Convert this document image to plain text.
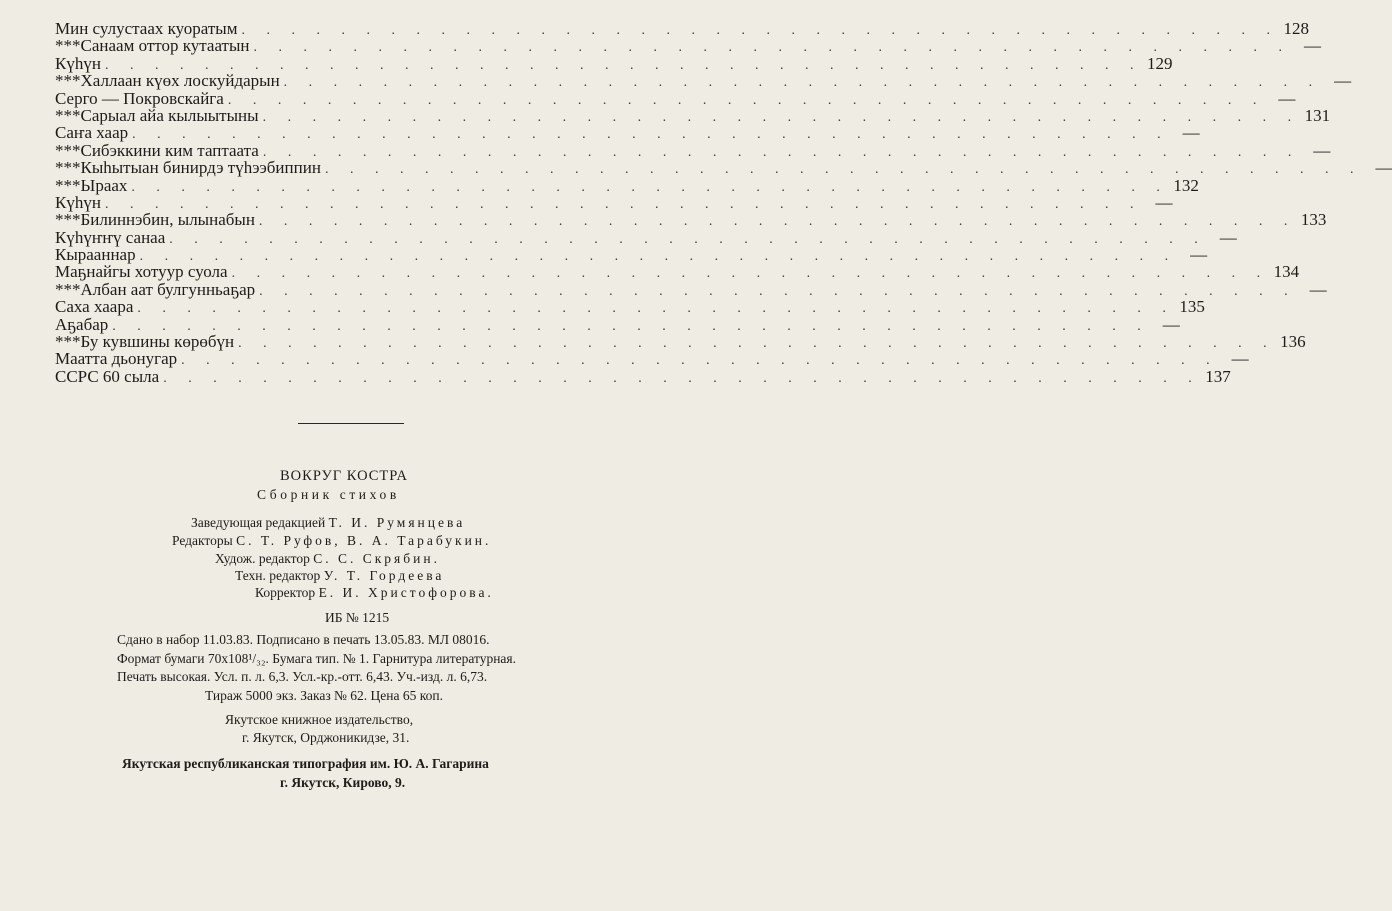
Мин сулустаах куоратым . . . . . . . . . . . . . . . . . . . . . . . . . . . . . . . . . . . . . . . . . . 128
***Санаам оттор кутаатын . . . . . . . . . . . . . . . . . . . . . . . . . . . . . . . . . . . . . . . . . . —
Күһүн . . . . . . . . . . . . . . . . . . . . . . . . . . . . . . . . . . . . . . . . . . 129
***Халлаан күөх лоскуйдарын . . . . . . . . . . . . . . . . . . . . . . . . . . . . . . . . . . . . . . . . . . —
Серго — Покровскайга . . . . . . . . . . . . . . . . . . . . . . . . . . . . . . . . . . . . . . . . . . —
***Сарыал айа кылыытыны . . . . . . . . . . . . . . . . . . . . . . . . . . . . . . . . . . . . . . . . . . 131
Саҥа хаар . . . . . . . . . . . . . . . . . . . . . . . . . . . . . . . . . . . . . . . . . . —
***Сибэккини ким таптаата . . . . . . . . . . . . . . . . . . . . . . . . . . . . . . . . . . . . . . . . . . —
***Кыһытыан бинирдэ түһээбиппин . . . . . . . . . . . . . . . . . . . . . . . . . . . . . . . . . . . . . . . . . . —
***Ыраах . . . . . . . . . . . . . . . . . . . . . . . . . . . . . . . . . . . . . . . . . . 132
Күһүн . . . . . . . . . . . . . . . . . . . . . . . . . . . . . . . . . . . . . . . . . . —
***Билиннэбин, ылынабын . . . . . . . . . . . . . . . . . . . . . . . . . . . . . . . . . . . . . . . . . . 133
Күһүҥҥү санаа . . . . . . . . . . . . . . . . . . . . . . . . . . . . . . . . . . . . . . . . . . —
Кырааннар . . . . . . . . . . . . . . . . . . . . . . . . . . . . . . . . . . . . . . . . . . —
Маҕнайгы хотуур суола . . . . . . . . . . . . . . . . . . . . . . . . . . . . . . . . . . . . . . . . . . 134
***Албан аат булгунньаҕар . . . . . . . . . . . . . . . . . . . . . . . . . . . . . . . . . . . . . . . . . . —
Саха хаара . . . . . . . . . . . . . . . . . . . . . . . . . . . . . . . . . . . . . . . . . . 135
Аҕабар . . . . . . . . . . . . . . . . . . . . . . . . . . . . . . . . . . . . . . . . . . —
***Бу кувшины көрөбүн . . . . . . . . . . . . . . . . . . . . . . . . . . . . . . . . . . . . . . . . . . 136
Маатта дьонугар . . . . . . . . . . . . . . . . . . . . . . . . . . . . . . . . . . . . . . . . . . —
ССРС 60 сыла . . . . . . . . . . . . . . . . . . . . . . . . . . . . . . . . . . . . . . . . . . 137
ВОКРУГ КОСТРА
Сборник стихов
Заведующая редакцией Т. И. Румянцева
Редакторы С. Т. Руфов, В. А. Тарабукин.
Худож. редактор С. С. Скрябин.
Техн. редактор У. Т. Гордеева
Корректор Е. И. Христофорова.
ИБ № 1215
Сдано в набор 11.03.83. Подписано в печать 13.05.83. МЛ 08016.
Формат бумаги 70x108¹/₃₂. Бумага тип. № 1. Гарнитура литературная.
Печать высокая. Усл. п. л. 6,3. Усл.-кр.-отт. 6,43. Уч.-изд. л. 6,73.
Тираж 5000 экз. Заказ № 62. Цена 65 коп.
Якутское книжное издательство,
г. Якутск, Орджоникидзе, 31.
Якутская республиканская типография им. Ю. А. Гагарина
г. Якутск, Кирово, 9.
